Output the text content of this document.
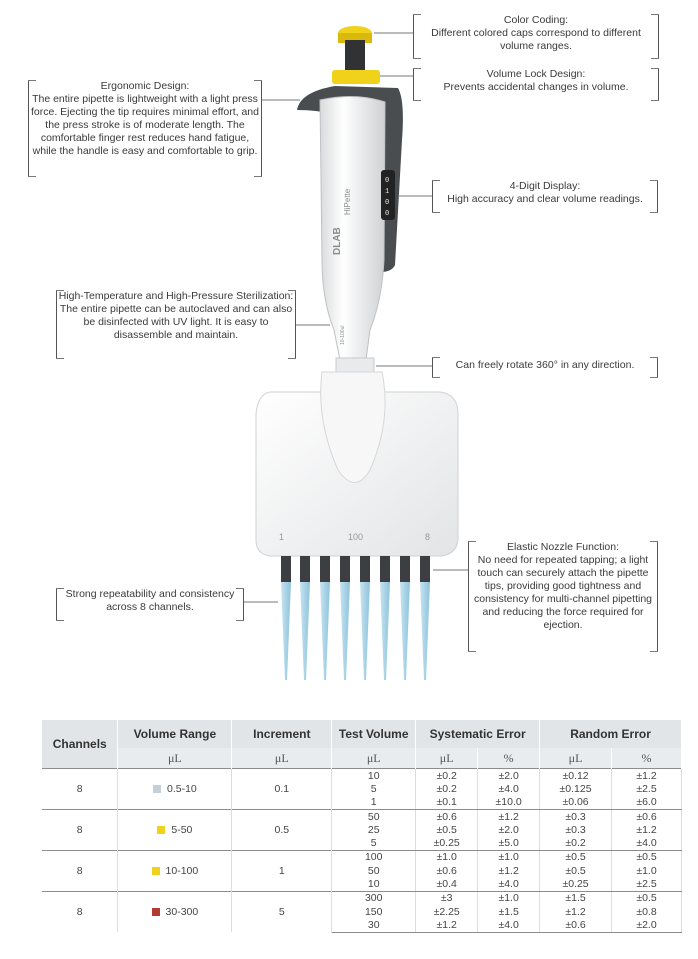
0
1
0
0
DLAB
HiPette
10-100ul
1	100	8
Color Coding:
Different colored caps correspond to different volume ranges.
Volume Lock Design:
Prevents accidental changes in volume.
Ergonomic Design:
The entire pipette is lightweight with a light press force. Ejecting the tip requires minimal effort, and the press stroke is of moderate length. The comfortable finger rest reduces hand fatigue, while the handle is easy and comfortable to grip.
4-Digit Display:
High accuracy and clear volume readings.
High-Temperature and High-Pressure Sterilization:
The entire pipette can be autoclaved and can also be disinfected with UV light. It is easy to disassemble and maintain.
Can freely rotate 360° in any direction.
Elastic Nozzle Function:
No need for repeated tapping; a light touch can securely attach the pipette tips, providing good tightness and consistency for multi-channel pipetting and reducing the force required for ejection.
Strong repeatability and consistency across 8 channels.
Channels	Volume Range	Increment	Test Volume	Systematic Error		Random Error	
	μL	μL	μL	μL	%	μL	%
8	0.5-10	0.1	10	±0.2	±2.0	±0.12	±1.2
			5	±0.2	±4.0	±0.125	±2.5
			1	±0.1	±10.0	±0.06	±6.0
8	5-50	0.5	50	±0.6	±1.2	±0.3	±0.6
			25	±0.5	±2.0	±0.3	±1.2
			5	±0.25	±5.0	±0.2	±4.0
8	10-100	1	100	±1.0	±1.0	±0.5	±0.5
			50	±0.6	±1.2	±0.5	±1.0
			10	±0.4	±4.0	±0.25	±2.5
8	30-300	5	300	±3	±1.0	±1.5	±0.5
			150	±2.25	±1.5	±1.2	±0.8
			30	±1.2	±4.0	±0.6	±2.0
